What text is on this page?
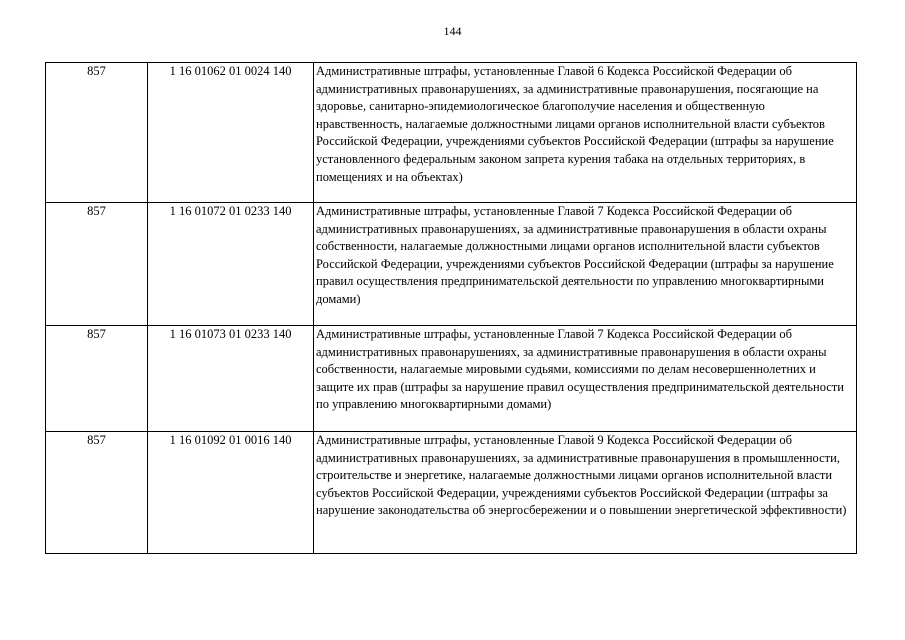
144
857	1 16 01062 01 0024 140	Административные штрафы, установленные Главой 6 Кодекса Российской Федерации об административных правонарушениях, за административные правонарушения, посягающие на здоровье, санитарно-эпидемиологическое благополучие населения и общественную нравственность, налагаемые должностными лицами органов исполнительной власти субъектов Российской Федерации, учреждениями субъектов Российской Федерации (штрафы за нарушение установленного федеральным законом запрета курения табака на отдельных территориях, в помещениях и на объектах)
857	1 16 01072 01 0233 140	Административные штрафы, установленные Главой 7 Кодекса Российской Федерации об административных правонарушениях, за административные правонарушения в области охраны собственности, налагаемые должностными лицами органов исполнительной власти субъектов Российской Федерации, учреждениями субъектов Российской Федерации (штрафы за нарушение правил осуществления предпринимательской деятельности по управлению многоквартирными домами)
857	1 16 01073 01 0233 140	Административные штрафы, установленные Главой 7 Кодекса Российской Федерации об административных правонарушениях, за административные правонарушения в области охраны собственности, налагаемые мировыми судьями, комиссиями по делам несовершеннолетних и защите их прав (штрафы за нарушение правил осуществления предпринимательской деятельности по управлению многоквартирными домами)
857	1 16 01092 01 0016 140	Административные штрафы, установленные Главой 9 Кодекса Российской Федерации об административных правонарушениях, за административные правонарушения в промышленности, строительстве и энергетике, налагаемые должностными лицами органов исполнительной власти субъектов Российской Федерации, учреждениями субъектов Российской Федерации (штрафы за нарушение законодательства об энергосбережении и о повышении энергетической эффективности)
